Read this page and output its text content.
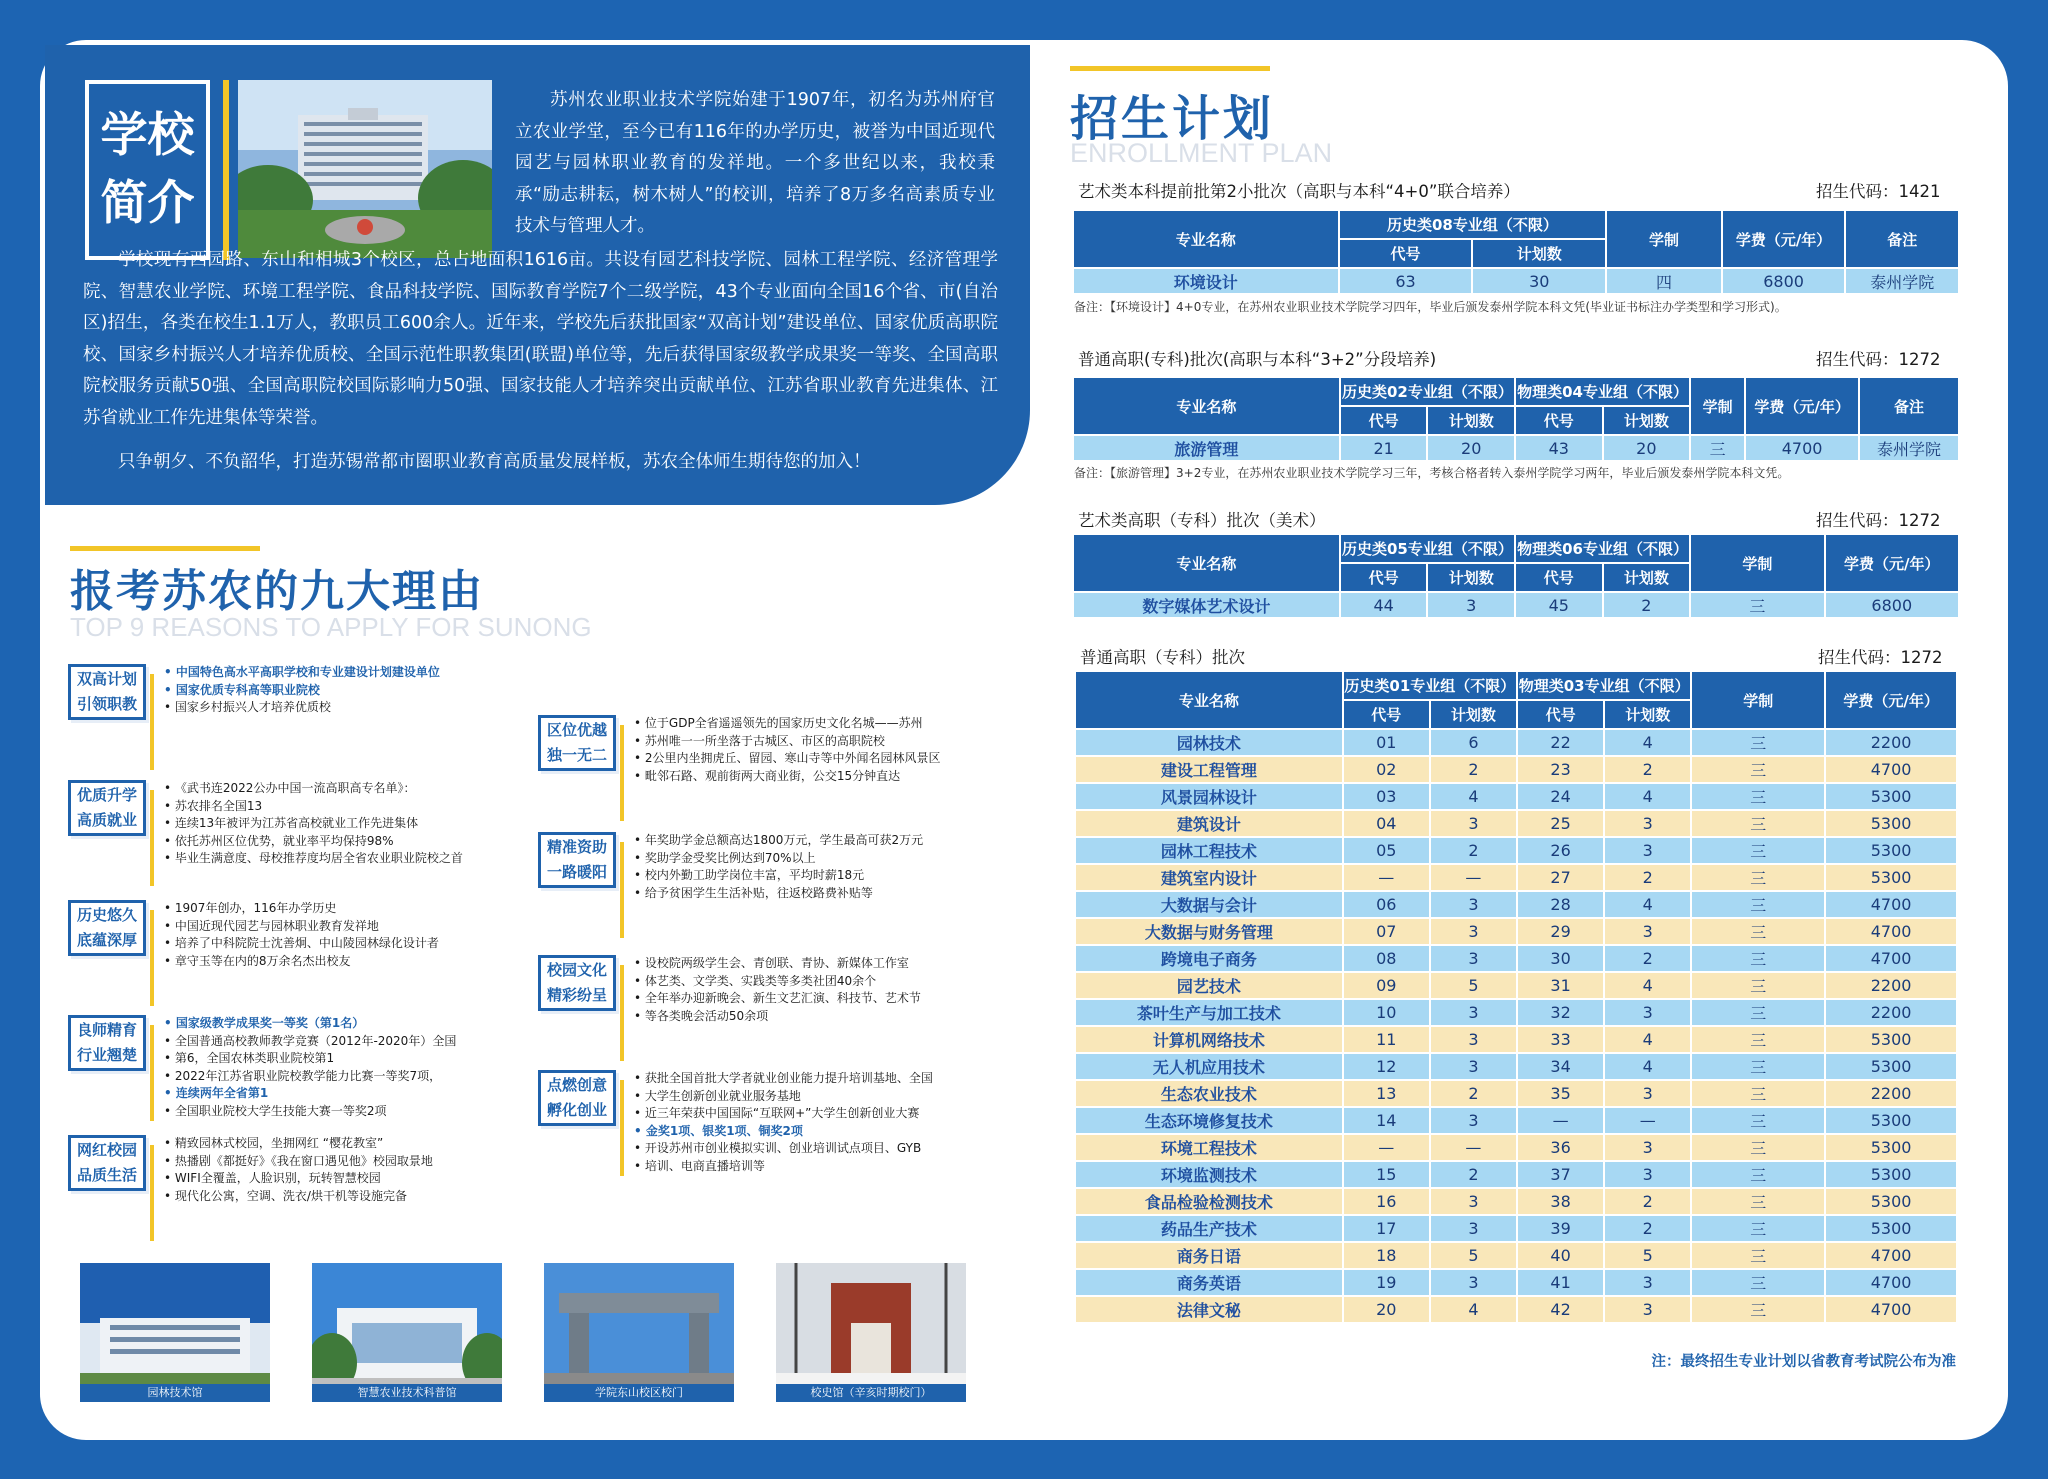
学校
简介
苏州农业职业技术学院始建于1907年，初名为苏州府官立农业学堂，至今已有116年的办学历史，被誉为中国近现代园艺与园林职业教育的发祥地。一个多世纪以来，我校秉承“励志耕耘，树木树人”的校训，培养了8万多名高素质专业技术与管理人才。
学校现有西园路、东山和相城3个校区，总占地面积1616亩。共设有园艺科技学院、园林工程学院、经济管理学院、智慧农业学院、环境工程学院、食品科技学院、国际教育学院7个二级学院，43个专业面向全国16个省、市(自治区)招生，各类在校生1.1万人，教职员工600余人。近年来，学校先后获批国家“双高计划”建设单位、国家优质高职院校、国家乡村振兴人才培养优质校、全国示范性职教集团(联盟)单位等，先后获得国家级教学成果奖一等奖、全国高职院校服务贡献50强、全国高职院校国际影响力50强、国家技能人才培养突出贡献单位、江苏省职业教育先进集体、江苏省就业工作先进集体等荣誉。
只争朝夕、不负韶华，打造苏锡常都市圈职业教育高质量发展样板，苏农全体师生期待您的加入！
报考苏农的九大理由
TOP 9 REASONS TO APPLY FOR SUNONG
双高计划
引领职教
• 中国特色高水平高职学校和专业建设计划建设单位
• 国家优质专科高等职业院校
• 国家乡村振兴人才培养优质校
优质升学
高质就业
• 《武书连2022公办中国一流高职高专名单》：
• 苏农排名全国13
• 连续13年被评为江苏省高校就业工作先进集体
• 依托苏州区位优势，就业率平均保持98%
• 毕业生满意度、母校推荐度均居全省农业职业院校之首
历史悠久
底蕴深厚
• 1907年创办，116年办学历史
• 中国近现代园艺与园林职业教育发祥地
• 培养了中科院院士沈善炯、中山陵园林绿化设计者
• 章守玉等在内的8万余名杰出校友
良师精育
行业翘楚
• 国家级教学成果奖一等奖（第1名）
• 全国普通高校教师教学竞赛（2012年-2020年）全国
• 第6，全国农林类职业院校第1
• 2022年江苏省职业院校教学能力比赛一等奖7项，
• 连续两年全省第1
• 全国职业院校大学生技能大赛一等奖2项
网红校园
品质生活
• 精致园林式校园，坐拥网红 “樱花教室”
• 热播剧《都挺好》《我在窗口遇见他》校园取景地
• WIFI全覆盖，人脸识别，玩转智慧校园
• 现代化公寓，空调、洗衣/烘干机等设施完备
区位优越
独一无二
• 位于GDP全省遥遥领先的国家历史文化名城——苏州
• 苏州唯一一所坐落于古城区、市区的高职院校
• 2公里内坐拥虎丘、留园、寒山寺等中外闻名园林风景区
• 毗邻石路、观前街两大商业街，公交15分钟直达
精准资助
一路暖阳
• 年奖助学金总额高达1800万元，学生最高可获2万元
• 奖助学金受奖比例达到70%以上
• 校内外勤工助学岗位丰富，平均时薪18元
• 给予贫困学生生活补贴，往返校路费补贴等
校园文化
精彩纷呈
• 设校院两级学生会、青创联、青协、新媒体工作室
• 体艺类、文学类、实践类等多类社团40余个
• 全年举办迎新晚会、新生文艺汇演、科技节、艺术节
• 等各类晚会活动50余项
点燃创意
孵化创业
• 获批全国首批大学者就业创业能力提升培训基地、全国
• 大学生创新创业就业服务基地
• 近三年荣获中国国际“互联网+”大学生创新创业大赛
• 金奖1项、银奖1项、铜奖2项
• 开设苏州市创业模拟实训、创业培训试点项目、GYB
• 培训、电商直播培训等
园林技术馆	智慧农业技术科普馆	学院东山校区校门	校史馆（辛亥时期校门）
招生计划
ENROLLMENT PLAN
艺术类本科提前批第2小批次（高职与本科“4+0”联合培养）	招生代码：1421
专业名称	历史类08专业组（不限）		学制	学费（元/年）	备注
	代号	计划数			
环境设计	63	30	四	6800	泰州学院
备注：【环境设计】4+0专业，在苏州农业职业技术学院学习四年，毕业后颁发泰州学院本科文凭(毕业证书标注办学类型和学习形式)。
普通高职(专科)批次(高职与本科“3+2”分段培养)	招生代码：1272
专业名称	历史类02专业组（不限）		物理类04专业组（不限）		学制	学费（元/年）	备注
	代号	计划数	代号	计划数			
旅游管理	21	20	43	20	三	4700	泰州学院
备注：【旅游管理】3+2专业，在苏州农业职业技术学院学习三年，考核合格者转入泰州学院学习两年，毕业后颁发泰州学院本科文凭。
艺术类高职（专科）批次（美术）	招生代码：1272
专业名称	历史类05专业组（不限）		物理类06专业组（不限）		学制	学费（元/年）
	代号	计划数	代号	计划数		
数字媒体艺术设计	44	3	45	2	三	6800
普通高职（专科）批次	招生代码：1272
专业名称	历史类01专业组（不限）		物理类03专业组（不限）		学制	学费（元/年）
	代号	计划数	代号	计划数		
园林技术	01	6	22	4	三	2200
建设工程管理	02	2	23	2	三	4700
风景园林设计	03	4	24	4	三	5300
建筑设计	04	3	25	3	三	5300
园林工程技术	05	2	26	3	三	5300
建筑室内设计	—	—	27	2	三	5300
大数据与会计	06	3	28	4	三	4700
大数据与财务管理	07	3	29	3	三	4700
跨境电子商务	08	3	30	2	三	4700
园艺技术	09	5	31	4	三	2200
茶叶生产与加工技术	10	3	32	3	三	2200
计算机网络技术	11	3	33	4	三	5300
无人机应用技术	12	3	34	4	三	5300
生态农业技术	13	2	35	3	三	2200
生态环境修复技术	14	3	—	—	三	5300
环境工程技术	—	—	36	3	三	5300
环境监测技术	15	2	37	3	三	5300
食品检验检测技术	16	3	38	2	三	5300
药品生产技术	17	3	39	2	三	5300
商务日语	18	5	40	5	三	4700
商务英语	19	3	41	3	三	4700
法律文秘	20	4	42	3	三	4700
注：最终招生专业计划以省教育考试院公布为准
